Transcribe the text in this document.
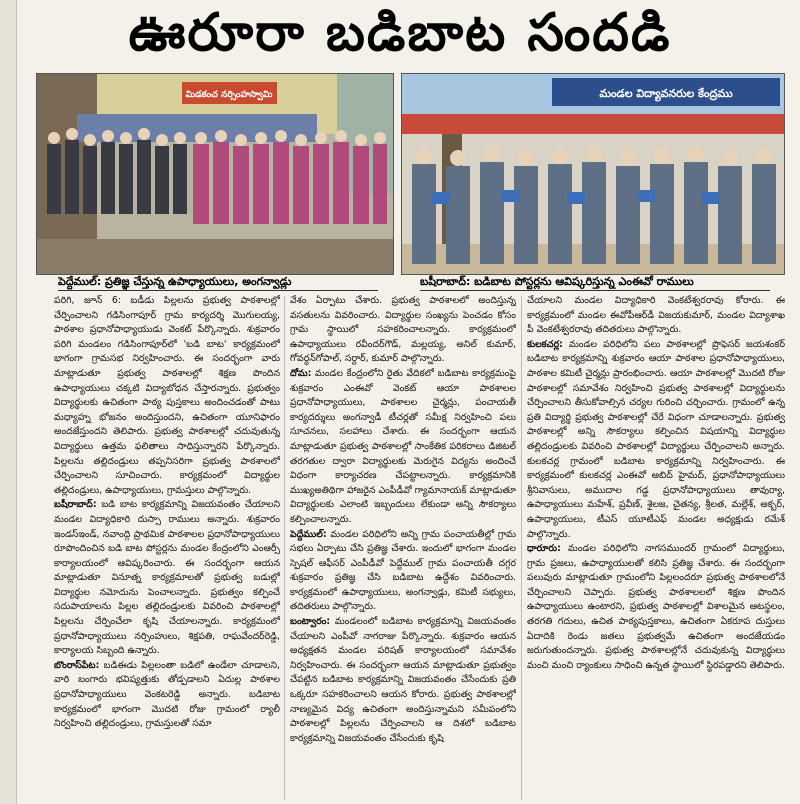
ఊరూరా బడిబాట సందడి
మిడకంచ నర్సింహస్వామి
పెద్దేముల్: ప్రతిజ్ఞ చేస్తున్న ఉపాధ్యాయులు, అంగన్వాడ్లు
మండల విద్యావనరుల కేంద్రము
బషీరాబాద్: బడిబాట పోస్టర్లను ఆవిష్కరిస్తున్న ఎంఈవో రాములు

పరిగి, జూన్ 6: బడీడు పిల్లలను ప్రభుత్వ పాఠశాలల్లో చేర్పించాలని గడిసింగాపూర్ గ్రామ కార్యదర్శి మొగులయ్య, పాఠశాల ప్రధానోపాధ్యాయుడు వెంకట్ పేర్కొన్నారు. శుక్రవారం పరిగి మండలం గడిసింగాపూర్‌లో 'బడి బాట' కార్యక్రమంలో భాగంగా గ్రామసభ నిర్వహించారు. ఈ సందర్భంగా వారు మాట్లాడుతూ ప్రభుత్వ పాఠశాలల్లో శిక్షణ పొందిన ఉపాధ్యాయులు చక్కటి విద్యాబోధన చేస్తారన్నారు. ప్రభుత్వం విద్యార్థులకు ఉచితంగా పాఠ్య పుస్తకాలు అందించడంతో పాటు మధ్యాహ్న భోజనం అందిస్తుందని, ఉచితంగా యూనిఫారం అందజేస్తుందని తెలిపారు. ప్రభుత్వ పాఠశాలల్లో చదువుతున్న విద్యార్థులు ఉత్తమ ఫలితాలు సాధిస్తున్నారని పేర్కొన్నారు. పిల్లలను తల్లిదండ్రులు తప్పనిసరిగా ప్రభుత్వ పాఠశాలలో చేర్పించాలని సూచించారు. కార్యక్రమంలో విద్యార్థుల తల్లిదండ్రులు, ఉపాధ్యాయులు, గ్రామస్తులు పాల్గొన్నారు.

బషీరాబాద్: బడి బాట కార్యక్రమాన్ని విజయవంతం చేయాలని మండల విద్యాధికారి దుస్సా రాములు అన్నారు. శుక్రవారం ఇండస్ఇండ్, నవాంద్గి ప్రాథమిక పాఠశాలల ప్రధానోపాధ్యాయులు రూపొందించిన బడి బాట పోస్టర్లను మండల కేంద్రంలోని ఎంఆర్సీ కార్యాలయంలో ఆవిష్కరించారు. ఈ సందర్భంగా ఆయన మాట్లాడుతూ వినూత్న కార్యక్రమాలతో ప్రభుత్వ బడుల్లో విద్యార్థుల నమోదును పెంచాలన్నారు. ప్రభుత్వం కల్పించే సదుపాయాలను పిల్లల తల్లిదండ్రులకు వివరించి పాఠశాలల్లో పిల్లలను చేర్పించేలా కృషి చేయాలన్నారు. కార్యక్రమంలో ప్రధానోపాధ్యాయులు నర్సింహులు, శిక్షపతి, రాఘవేందర్‌రెడ్డి, కార్యాలయ సిబ్బంది ఉన్నారు.

బొంరాస్‌పేట: బడిఈడు పిల్లలంతా బడిలో ఉండేలా చూడాలని, వారి బంగారు భవిష్యత్తుకు తోడ్పడాలని ఏదుల్ల పాఠశాల ప్రధానోపాధ్యాయులు వెంకటరెడ్డి అన్నారు. బడిబాట కార్యక్రమంలో భాగంగా మొదటి రోజు గ్రామంలో ర్యాలీ నిర్వహించి తల్లిదండ్రులు, గ్రామస్తులతో సమా

వేశం ఏర్పాటు చేశారు. ప్రభుత్వ పాఠశాలలో అందిస్తున్న వసతులను వివరించారు. విద్యార్థుల సంఖ్యను పెంచడం కోసం గ్రామ స్థాయిలో సహకరించాలన్నారు. కార్యక్రమంలో ఉపాధ్యాయులు రవీందర్‌గౌడ్, మల్లయ్య, అనిల్ కుమార్, గోవర్ధన్‌గోపాల్, సర్దార్, కుమార్ పాల్గొన్నారు.

దోమ: మండల కేంద్రంలోని రైతు వేదికలో బడిబాట కార్యక్రమంపై శుక్రవారం ఎంఈవో వెంకట్ ఆయా పాఠశాలల ప్రధానోపాధ్యాయులు, పాఠశాలల చైర్మన్లు, పంచాయతీ కార్యదర్శులు అంగన్వాడీ టీచర్లతో సమీక్ష నిర్వహించి పలు సూచనలు, సలహాలు చేశారు. ఈ సందర్భంగా ఆయన మాట్లాడుతూ ప్రభుత్వ పాఠశాలల్లో సాంకేతిక పరికరాలు డిజిటల్ తరగతుల ద్వారా విద్యార్థులకు మెరుగైన విద్యను అందించే విధంగా కార్యాచరణ చేపట్టాలన్నారు. కార్యక్రమానికి ముఖ్యఅతిథిగా హాజరైన ఎంపీడీవో గ్యామానాయక్ మాట్లాడుతూ విద్యార్థులకు ఎలాంటి ఇబ్బందులు లేకుండా అన్ని సౌకర్యాలు కల్పించాలన్నారు.

పెద్దేముల్: మండల పరిధిలోని అన్ని గ్రామ పంచాయతీల్లో గ్రామ సభలు ఏర్పాటు చేసి ప్రతిజ్ఞ చేశారు. ఇందులో భాగంగా మండల స్పెషల్ ఆఫీసర్ ఎంపీడీవో పెద్దేముల్ గ్రామ పంచాయతీ దగ్గర శుక్రవారం ప్రతిజ్ఞ చేసి బడిబాట ఉద్దేశం వివరించారు. కార్యక్రమంలో ఉపాధ్యాయులు, అంగన్వాడ్లు, కమిటీ సభ్యులు, తదితరులు పాల్గొన్నారు.

బంట్వారం: మండలంలో బడిబాట కార్యక్రమాన్ని విజయవంతం చేయాలని ఎంపీవో నాగరాజు పేర్కొన్నారు. శుక్రవారం ఆయన అధ్యక్షతన మండల పరిషత్ కార్యాలయంలో సమావేశం నిర్వహించారు. ఈ సందర్భంగా ఆయన మాట్లాడుతూ ప్రభుత్వం చేపట్టిన బడిబాట కార్యక్రమాన్ని విజయవంతం చేసేందుకు ప్రతి ఒక్కరూ సహకరించాలని ఆయన కోరారు. ప్రభుత్వ పాఠశాలల్లో నాణ్యమైన విద్య ఉచితంగా అందిస్తున్నామని సమీపంలోని పాఠశాలల్లో పిల్లలను చేర్పించాలని ఆ దిశలో బడిబాట కార్యక్రమాన్ని విజయవంతం చేసేందుకు కృషి

చేయాలని మండల విద్యాధికారి వెంకటేశ్వరరావు కోరారు. ఈ కార్యక్రమంలో మండల ఈవోపీఆర్‌డీ విజయకుమార్, మండల విద్యాశాఖ పీ వెంకటేశ్వరరావు తదితరులు పాల్గొన్నారు.

కులకచర్ల: మండల పరిధిలోని పలు పాఠశాలల్లో ప్రొఫెసర్ జయశంకర్ బడిబాట కార్యక్రమాన్ని శుక్రవారం ఆయా పాఠశాల ప్రధానోపాధ్యాయులు, పాఠశాల కమిటీ చైర్మన్లు ప్రారంభించారు. ఆయా పాఠశాలల్లో మొదటి రోజు పాఠశాలల్లో సమావేశం నిర్వహించి ప్రభుత్వ పాఠశాలల్లో విద్యార్థులను చేర్పించాలని తీసుకోవాల్సిన చర్యల గురించి చర్చించారు. గ్రామంలో ఉన్న ప్రతి విద్యార్థి ప్రభుత్వ పాఠశాలల్లో చేరే విధంగా చూడాలన్నారు. ప్రభుత్వ పాఠశాలల్లో అన్ని సౌకర్యాలు కల్పించిన విషయాన్ని విద్యార్థుల తల్లిదండ్రులకు వివరించి పాఠశాలల్లో విద్యార్థులు చేర్పించాలని అన్నారు. కులకచర్ల గ్రామంలో బడిబాట కార్యక్రమాన్ని నిర్వహించారు. ఈ కార్యక్రమంలో కులకచర్ల ఎంఈవో అబిద్ హైమద్, ప్రధానోపాధ్యాయులు శ్రీనివాసులు, అముదాల గడ్డ ప్రధానోపాధ్యాయులు తావుర్యా, ఉపాధ్యాయులు మహేశ్, ప్రవీణ్, శైలజ, చైతన్య, శ్రీలత, మల్లేశ్, అక్బర్, ఉపాధ్యాయులు, టీఎస్ యూటీఎఫ్ మండల అధ్యక్షుడు రమేశ్ పాల్గొన్నారు.

ధారూరు: మండల పరిధిలోని నాగసముందర్ గ్రామంలో విద్యార్థులు, గ్రామ ప్రజలు, ఉపాధ్యాయులతో కలిసి ప్రతిజ్ఞ చేశారు. ఈ సందర్భంగా పలువురు మాట్లాడుతూ గ్రామంలోని పిల్లలందరూ ప్రభుత్వ పాఠశాలలోనే చేర్పించాలని చెప్పారు. ప్రభుత్వ పాఠశాలలలో శిక్షణ పొందిన ఉపాధ్యాయులు ఉంటారని, ప్రభుత్వ పాఠశాలల్లో విశాలమైన ఆటస్థలం, తరగతి గదులు, ఉచిత పాఠ్యపుస్తకాలు, ఉచితంగా ఏకరూప దుస్తులు ఏదాదికి రెండు జతలు ప్రభుత్వమే ఉచితంగా అందజేయడం జరుగుతుందన్నారు. ప్రభుత్వ పాఠశాలల్లోనే చదువుకున్న విద్యార్థులు మంచి మంచి ర్యాంకులు సాధించి ఉన్నత స్థాయిలో స్థిరపడ్డారని తెలిపారు.
